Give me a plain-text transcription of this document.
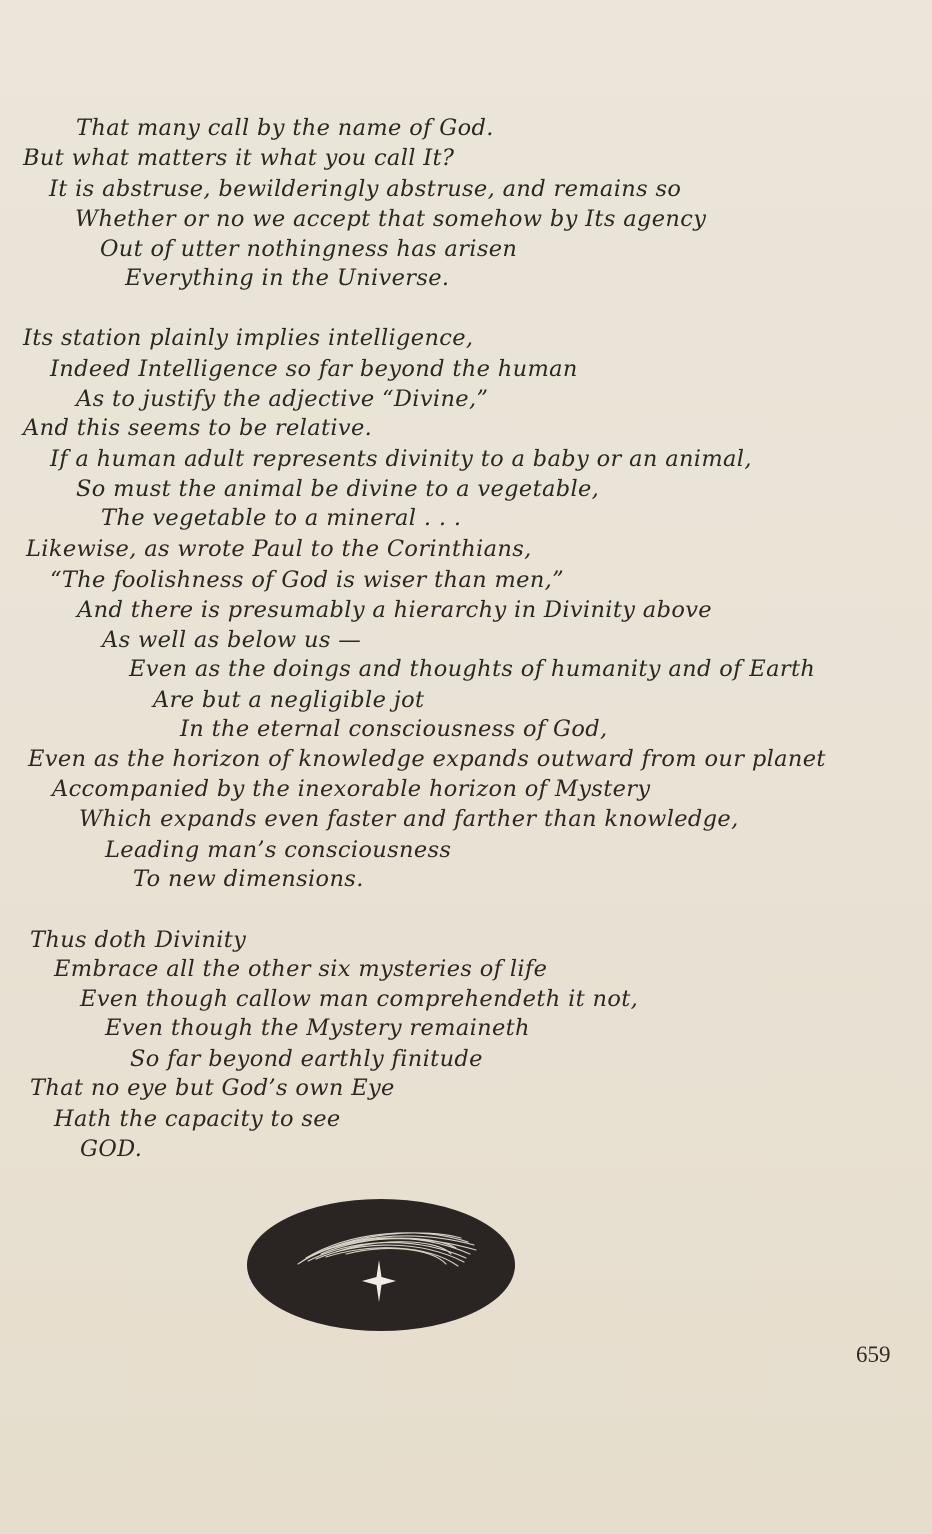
That many call by the name of God.
But what matters it what you call It?
It is abstruse, bewilderingly abstruse, and remains so
Whether or no we accept that somehow by Its agency
Out of utter nothingness has arisen
Everything in the Universe.
Its station plainly implies intelligence,
Indeed Intelligence so far beyond the human
As to justify the adjective “Divine,”
And this seems to be relative.
If a human adult represents divinity to a baby or an animal,
So must the animal be divine to a vegetable,
The vegetable to a mineral . . .
Likewise, as wrote Paul to the Corinthians,
“The foolishness of God is wiser than men,”
And there is presumably a hierarchy in Divinity above
As well as below us —
Even as the doings and thoughts of humanity and of Earth
Are but a negligible jot
In the eternal consciousness of God,
Even as the horizon of knowledge expands outward from our planet
Accompanied by the inexorable horizon of Mystery
Which expands even faster and farther than knowledge,
Leading man’s consciousness
To new dimensions.
Thus doth Divinity
Embrace all the other six mysteries of life
Even though callow man comprehendeth it not,
Even though the Mystery remaineth
So far beyond earthly finitude
That no eye but God’s own Eye
Hath the capacity to see
GOD.
659
